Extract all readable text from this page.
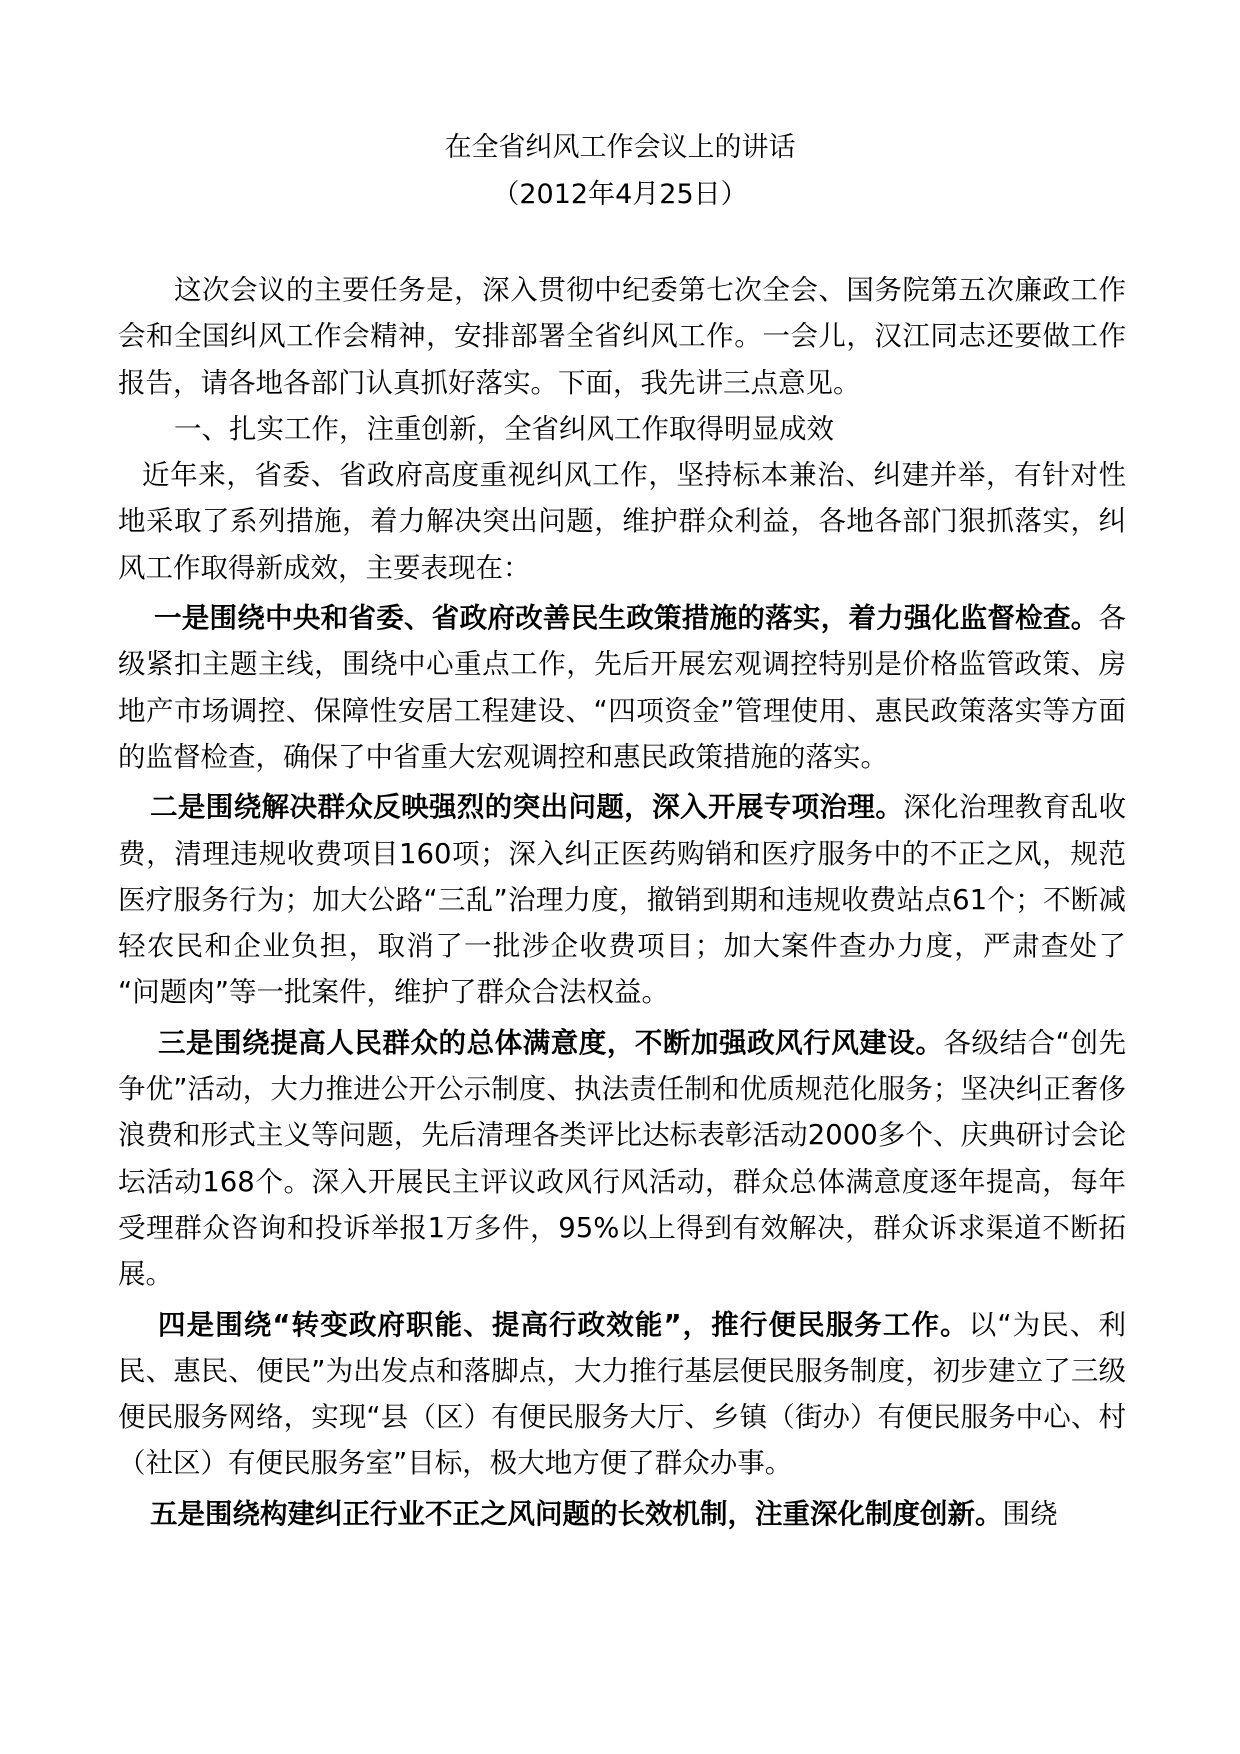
在全省纠风工作会议上的讲话
（2012年4月25日）

这次会议的主要任务是，深入贯彻中纪委第七次全会、国务院第五次廉政工作会和全国纠风工作会精神，安排部署全省纠风工作。一会儿，汉江同志还要做工作报告，请各地各部门认真抓好落实。下面，我先讲三点意见。

一、扎实工作，注重创新，全省纠风工作取得明显成效

近年来，省委、省政府高度重视纠风工作，坚持标本兼治、纠建并举，有针对性地采取了系列措施，着力解决突出问题，维护群众利益，各地各部门狠抓落实，纠风工作取得新成效，主要表现在：

一是围绕中央和省委、省政府改善民生政策措施的落实，着力强化监督检查。各级紧扣主题主线，围绕中心重点工作，先后开展宏观调控特别是价格监管政策、房地产市场调控、保障性安居工程建设、“四项资金”管理使用、惠民政策落实等方面的监督检查，确保了中省重大宏观调控和惠民政策措施的落实。

二是围绕解决群众反映强烈的突出问题，深入开展专项治理。深化治理教育乱收费，清理违规收费项目160项；深入纠正医药购销和医疗服务中的不正之风，规范医疗服务行为；加大公路“三乱”治理力度，撤销到期和违规收费站点61个；不断减轻农民和企业负担，取消了一批涉企收费项目；加大案件查办力度，严肃查处了 “问题肉”等一批案件，维护了群众合法权益。

三是围绕提高人民群众的总体满意度，不断加强政风行风建设。各级结合“创先争优”活动，大力推进公开公示制度、执法责任制和优质规范化服务；坚决纠正奢侈浪费和形式主义等问题，先后清理各类评比达标表彰活动2000多个、庆典研讨会论坛活动168个。深入开展民主评议政风行风活动，群众总体满意度逐年提高，每年受理群众咨询和投诉举报1万多件，95%以上得到有效解决，群众诉求渠道不断拓展。

四是围绕“转变政府职能、提高行政效能”，推行便民服务工作。以“为民、利民、惠民、便民”为出发点和落脚点，大力推行基层便民服务制度，初步建立了三级便民服务网络，实现“县（区）有便民服务大厅、乡镇（街办）有便民服务中心、村（社区）有便民服务室”目标，极大地方便了群众办事。

五是围绕构建纠正行业不正之风问题的长效机制，注重深化制度创新。围绕
